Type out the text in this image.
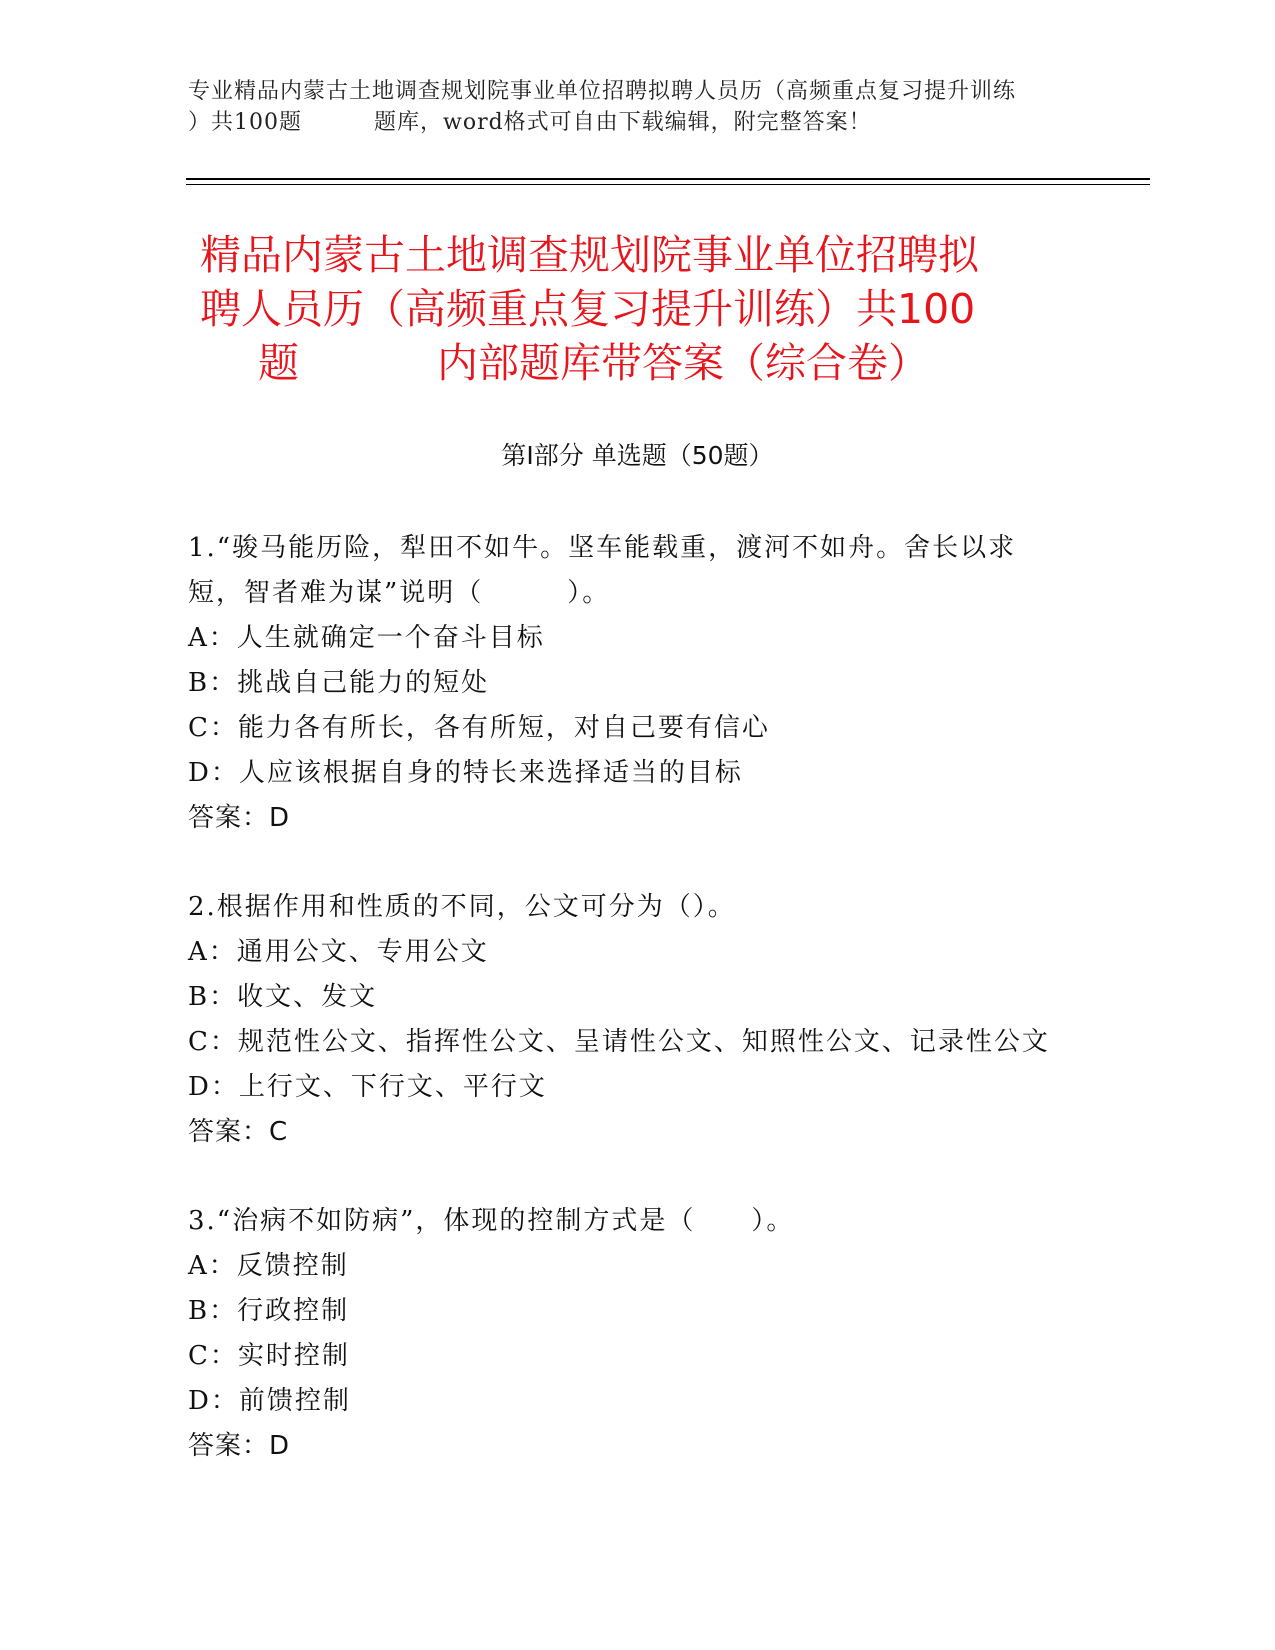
专业精品内蒙古土地调查规划院事业单位招聘拟聘人员历（高频重点复习提升训练
）共100题	题库，word格式可自由下载编辑，附完整答案！
精品内蒙古土地调查规划院事业单位招聘拟
聘人员历（高频重点复习提升训练）共100
题	内部题库带答案（综合卷）
第Ⅰ部分 单选题（50题）
1.“骏马能历险，犁田不如牛。坚车能载重，渡河不如舟。舍长以求
短，智者难为谋”说明（　　　）。
A：人生就确定一个奋斗目标
B：挑战自己能力的短处
C：能力各有所长，各有所短，对自己要有信心
D：人应该根据自身的特长来选择适当的目标
答案：D
2.根据作用和性质的不同，公文可分为（）。
A：通用公文、专用公文
B：收文、发文
C：规范性公文、指挥性公文、呈请性公文、知照性公文、记录性公文
D：上行文、下行文、平行文
答案：C
3.“治病不如防病”，体现的控制方式是（　　）。
A：反馈控制
B：行政控制
C：实时控制
D：前馈控制
答案：D
